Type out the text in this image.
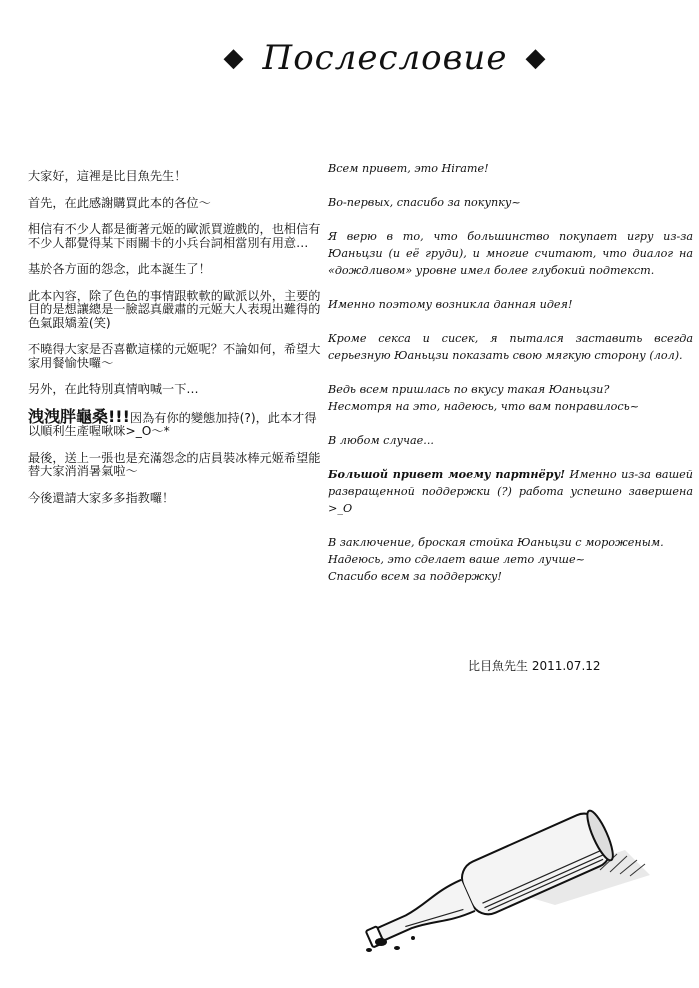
◆ Послесловие ◆

大家好，這裡是比目魚先生！

首先，在此感謝購買此本的各位～

相信有不少人都是衝著元姬的歐派買遊戲的，也相信有不少人都覺得某下雨關卡的小兵台詞相當別有用意…

基於各方面的怨念，此本誕生了！

此本內容，除了色色的事情跟軟軟的歐派以外，主要的目的是想讓總是一臉認真嚴肅的元姬大人表現出難得的色氣跟矯羞(笑)

不曉得大家是否喜歡這樣的元姬呢？不論如何，希望大家用餐愉快囉～

另外，在此特別真情吶喊一下…

洩洩胖龜桑!!!因為有你的變態加持(?)，此本才得以順利生產喔啾咪>_O～*

最後，送上一張也是充滿怨念的店員裝冰棒元姬希望能替大家消消暑氣啦～

今後還請大家多多指教囉！

Всем привет, это Hirame!

Во-первых, спасибо за покупку~

Я верю в то, что большинство покупает игру из-за Юаньцзи (и её груди), и многие считают, что диалог на «дождливом» уровне имел более глубокий подтекст.

Именно поэтому возникла данная идея!

Кроме секса и сисек, я пытался заставить всегда серьезную Юаньцзи показать свою мягкую сторону (лол).

Ведь всем пришлась по вкусу такая Юаньцзи?
Несмотря на это, надеюсь, что вам понравилось~

В любом случае...

Большой привет моему партнёру! Именно из-за вашей развращенной поддержки (?) работа успешно завершена >_O

В заключение, броская стойка Юаньцзи с мороженым.
Надеюсь, это сделает ваше лето лучше~
Спасибо всем за поддержку!

比目魚先生 2011.07.12
